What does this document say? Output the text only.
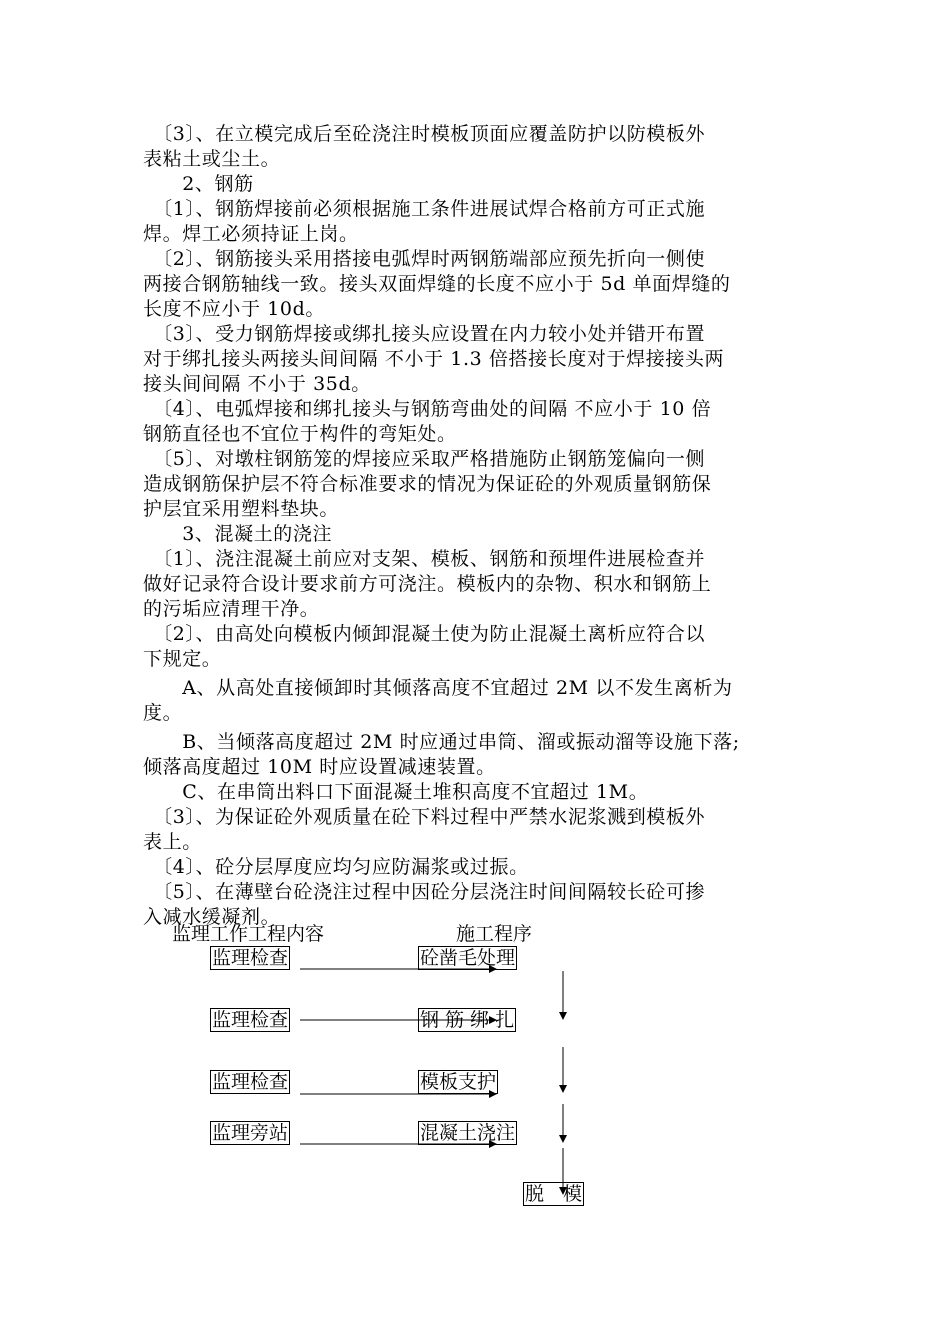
　〔3〕、在立模完成后至砼浇注时模板顶面应覆盖防护以防模板外
表粘土或尘土。
　　2、钢筋
　〔1〕、钢筋焊接前必须根据施工条件进展试焊合格前方可正式施
焊。焊工必须持证上岗。
　〔2〕、钢筋接头采用搭接电弧焊时两钢筋端部应预先折向一侧使
两接合钢筋轴线一致。接头双面焊缝的长度不应小于 5d 单面焊缝的
长度不应小于 10d。
　〔3〕、受力钢筋焊接或绑扎接头应设置在内力较小处并错开布置
对于绑扎接头两接头间间隔 不小于 1.3 倍搭接长度对于焊接接头两
接头间间隔 不小于 35d。
　〔4〕、电弧焊接和绑扎接头与钢筋弯曲处的间隔 不应小于 10 倍
钢筋直径也不宜位于构件的弯矩处。
　〔5〕、对墩柱钢筋笼的焊接应采取严格措施防止钢筋笼偏向一侧
造成钢筋保护层不符合标准要求的情况为保证砼的外观质量钢筋保
护层宜采用塑料垫块。
　　3、混凝土的浇注
　〔1〕、浇注混凝土前应对支架、模板、钢筋和预埋件进展检查并
做好记录符合设计要求前方可浇注。模板内的杂物、积水和钢筋上
的污垢应清理干净。
　〔2〕、由高处向模板内倾卸混凝土使为防止混凝土离析应符合以
下规定。
　　A、从高处直接倾卸时其倾落高度不宜超过 2M 以不发生离析为
度。
　　B、当倾落高度超过 2M 时应通过串筒、溜或振动溜等设施下落;
倾落高度超过 10M 时应设置减速装置。
　　C、在串筒出料口下面混凝土堆积高度不宜超过 1M。
　〔3〕、为保证砼外观质量在砼下料过程中严禁水泥浆溅到模板外
表上。
　〔4〕、砼分层厚度应均匀应防漏浆或过振。
　〔5〕、在薄壁台砼浇注过程中因砼分层浇注时间间隔较长砼可掺
入减水缓凝剂。
监理工作工程内容	施工程序
监理检查
监理检查
监理检查
监理旁站
砼凿毛处理
钢 筋 绑 扎
模板支护
混凝土浇注
脱　模
